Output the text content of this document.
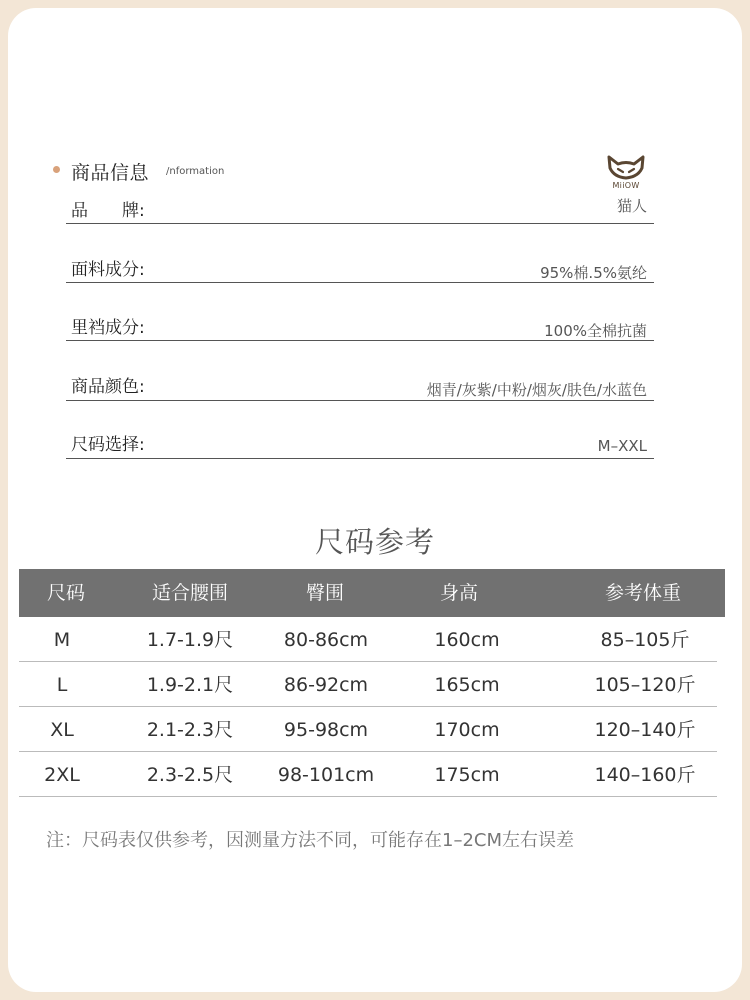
商品信息 /nformation
MiiOW
品　　牌:	猫人
面料成分:	95%棉.5%氨纶
里裆成分:	100%全棉抗菌
商品颜色:	烟青/灰紫/中粉/烟灰/肤色/水蓝色
尺码选择:	M–XXL
尺码参考
尺码	适合腰围	臀围	身高	参考体重
M	1.7-1.9尺	80-86cm	160cm	85–105斤
L	1.9-2.1尺	86-92cm	165cm	105–120斤
XL	2.1-2.3尺	95-98cm	170cm	120–140斤
2XL	2.3-2.5尺	98-101cm	175cm	140–160斤
注：尺码表仅供参考，因测量方法不同，可能存在1–2CM左右误差
